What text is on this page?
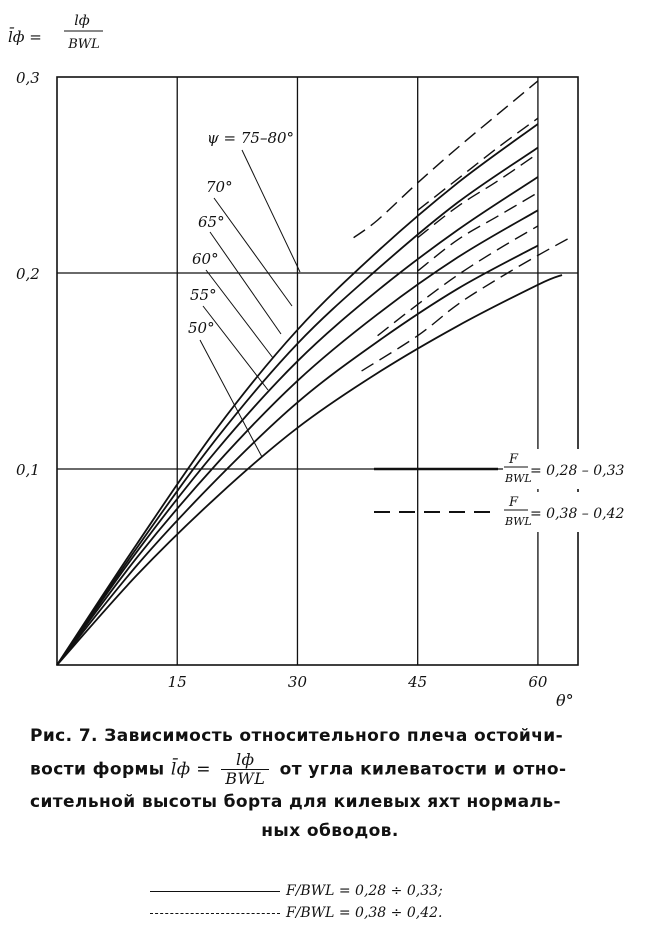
15	30	45	60
0,1
0,2
0,3
θ°
l̄ф =
lф
BWL
ψ = 75–80°
70°
65°
60°
55°
50°
F
BWL
= 0,28 – 0,33
F
BWL
= 0,38 – 0,42
Рис. 7. Зависимость относительного плеча остойчи-
вости формы l̄ф = $\frac{lф}{\text{BWL}}$ от угла килеватости и отно-
сительной высоты борта для килевых яхт нормаль-
ных обводов.
F/BWL = 0,28 ÷ 0,33;
F/BWL = 0,38 ÷ 0,42.
